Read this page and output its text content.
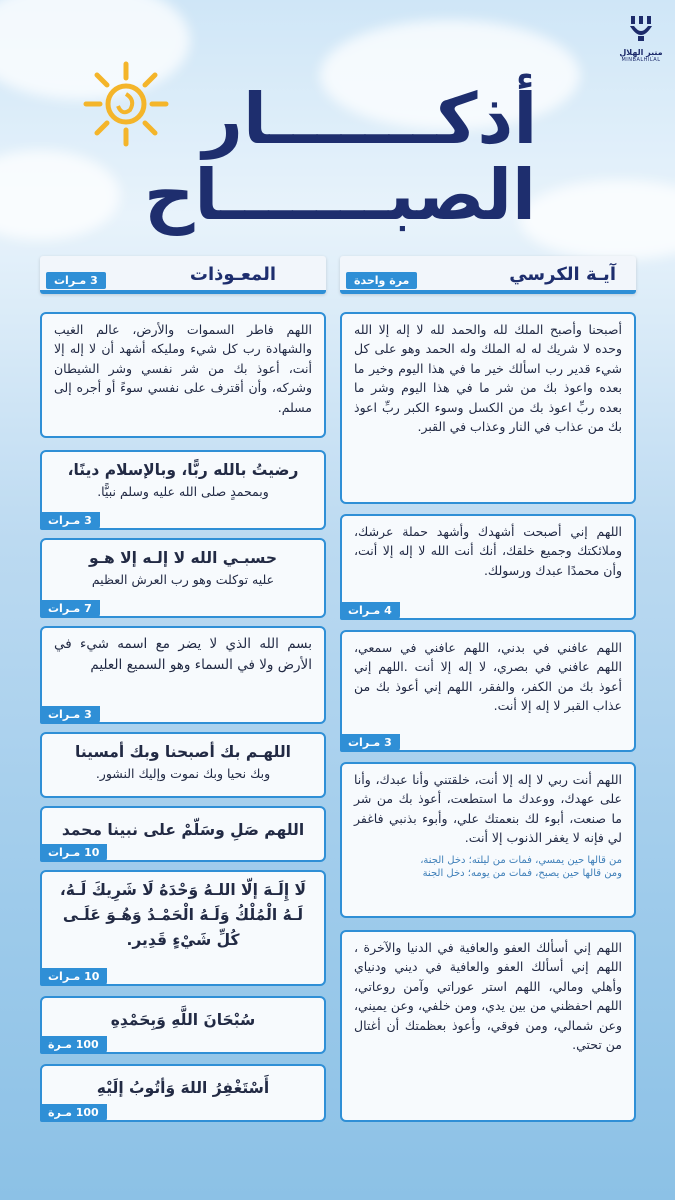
منبر الهلال
MINBALHILAL
أذكـــــــار
الصبـــــــاح
آيـة الكرسي
مرة واحدة
المعـوذات
3 مـرات
أصبحنا وأصبح الملك لله والحمد لله لا إله إلا الله وحده لا شريك له له الملك وله الحمد وهو على كل شيء قدير رب اسألك خير ما في هذا اليوم وخير ما بعده واعوذ بك من شر ما في هذا اليوم وشر ما بعده ربِّ اعوذ بك من الكسل وسوء الكبر ربِّ اعوذ بك من عذاب في النار وعذاب في القبر.
اللهم إني أصبحت أشهدك وأشهد حملة عرشك، وملائكتك وجميع خلقك، أنك أنت الله لا إله إلا أنت، وأن محمدًا عبدك ورسولك.
4 مـرات
اللهم عافني في بدني، اللهم عافني في سمعي، اللهم عافني في بصري، لا إله إلا أنت .اللهم إني أعوذ بك من الكفر، والفقر، اللهم إني أعوذ بك من عذاب القبر لا إله إلا أنت.
3 مـرات
اللهم أنت ربي لا إله إلا أنت، خلقتني وأنا عبدك، وأنا على عهدك، ووعدك ما استطعت، أعوذ بك من شر ما صنعت، أبوء لك بنعمتك علي، وأبوء بذنبي فاغفر لي فإنه لا يغفر الذنوب إلا أنت.
من قالها حين يمسي، فمات من ليلته؛ دخل الجنة،
ومن قالها حين يصبح، فمات من يومه؛ دخل الجنة
اللهم إني أسألك العفو والعافية في الدنيا والآخرة ، اللهم إني أسألك العفو والعافية في ديني ودنياي وأهلي ومالي، اللهم استر عوراتي وآمن روعاتي، اللهم احفظني من بين يدي، ومن خلفي، وعن يميني، وعن شمالي، ومن فوقي، وأعوذ بعظمتك أن أغتال من تحتي.
اللهم فاطر السموات والأرض، عالم الغيب والشهادة رب كل شيء ومليكه أشهد أن لا إله إلا أنت، أعوذ بك من شر نفسي وشر الشيطان وشركه، وأن أقترف على نفسي سوءً أو أجره إلى مسلم.
رضيتُ بالله ربًّا، وبالإسلام دينًا،
وبمحمدٍ صلى الله عليه وسلم نبيًّا.
3 مـرات
حسبـي الله لا إلـه إلا هـو
عليه توكلت وهو رب العرش العظيم
7 مـرات
بسم الله الذي لا يضر مع اسمه شيء في الأرض ولا في السماء وهو السميع العليم
3 مـرات
اللهـم بك أصبحنا وبك أمسينا
وبك نحيا وبك نموت وإليك النشور.
اللهم صَلِ وسَلّمْ على نبينا محمد
10 مـرات
لَا إِلَـهَ إلّا اللـهُ وَحْدَهُ لَا شَرِيكَ لَـهُ، لَـهُ الْمُلْكُ وَلَـهُ الْحَمْـدُ وَهُـوَ عَلَـى كُلِّ شَيْءٍ قَدِير.
10 مـرات
سُبْحَانَ اللَّهِ وَبِحَمْدِهِ
100 مـرة
أَسْتَغْفِرُ اللهَ وَأتُوبُ إلَيْهِ
100 مـرة
